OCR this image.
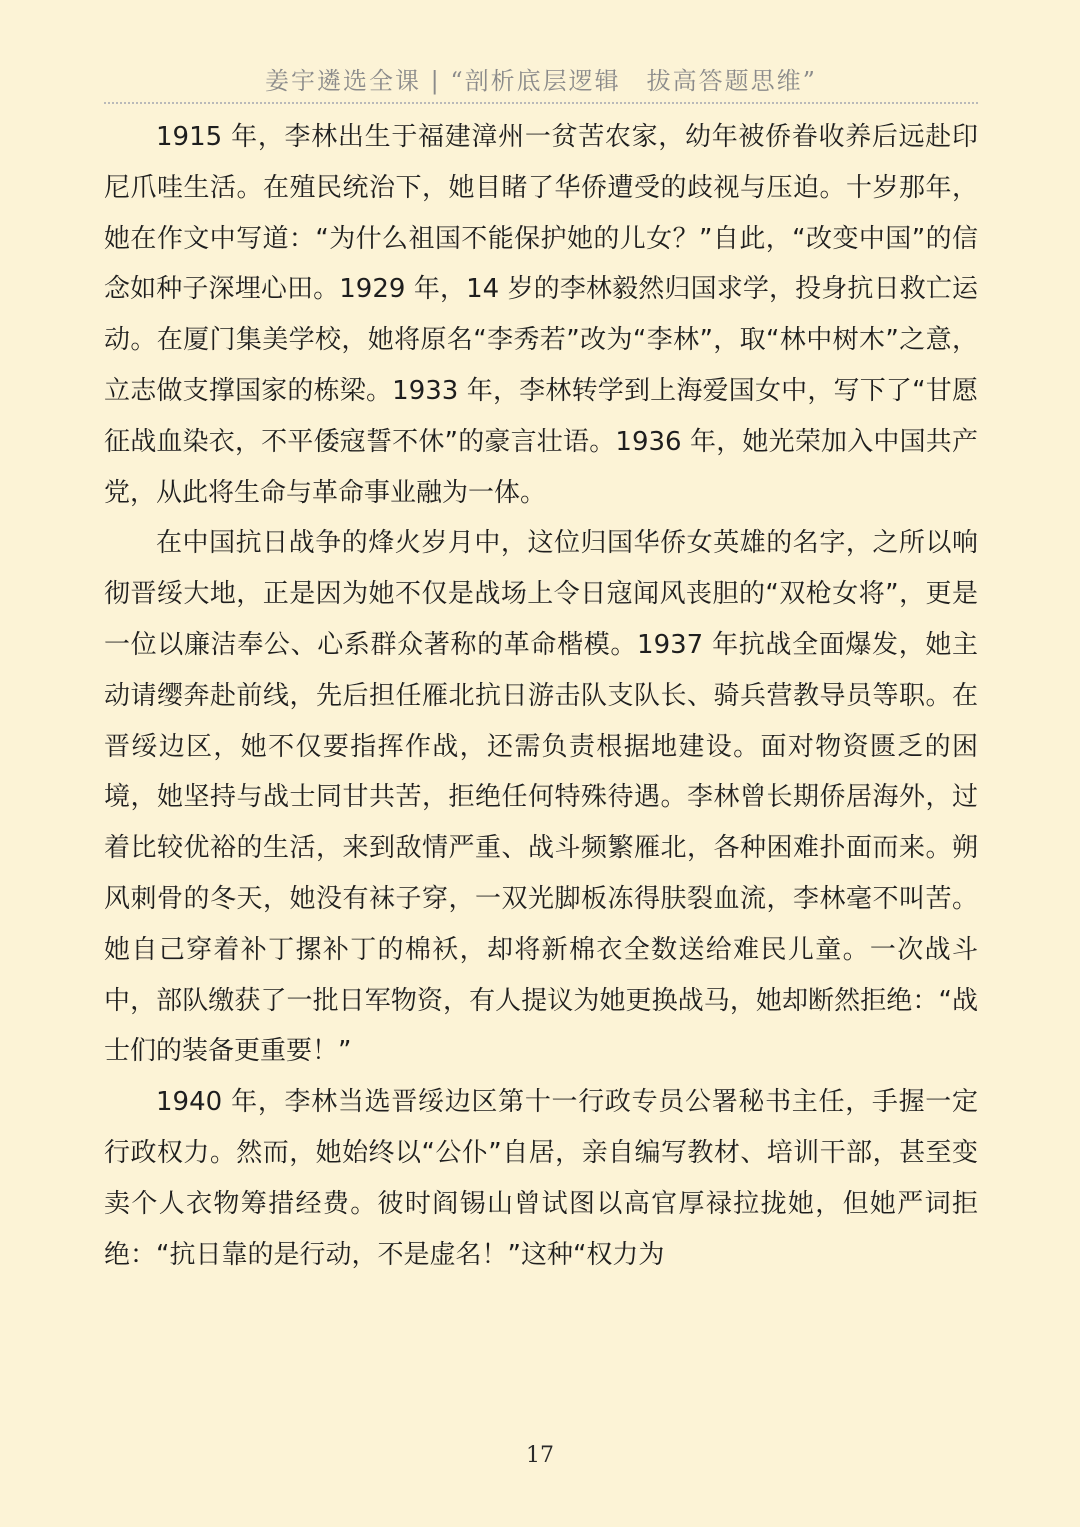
姜宇遴选全课 | “剖析底层逻辑　拔高答题思维”

1915 年，李林出生于福建漳州一贫苦农家，幼年被侨眷收养后远赴印尼爪哇生活。在殖民统治下，她目睹了华侨遭受的歧视与压迫。十岁那年，她在作文中写道：“为什么祖国不能保护她的儿女？”自此，“改变中国”的信念如种子深埋心田。1929 年，14 岁的李林毅然归国求学，投身抗日救亡运动。在厦门集美学校，她将原名“李秀若”改为“李林”，取“林中树木”之意，立志做支撑国家的栋梁。1933 年，李林转学到上海爱国女中，写下了“甘愿征战血染衣，不平倭寇誓不休”的豪言壮语。1936 年，她光荣加入中国共产党，从此将生命与革命事业融为一体。

在中国抗日战争的烽火岁月中，这位归国华侨女英雄的名字，之所以响彻晋绥大地，正是因为她不仅是战场上令日寇闻风丧胆的“双枪女将”，更是一位以廉洁奉公、心系群众著称的革命楷模。1937 年抗战全面爆发，她主动请缨奔赴前线，先后担任雁北抗日游击队支队长、骑兵营教导员等职。在晋绥边区，她不仅要指挥作战，还需负责根据地建设。面对物资匮乏的困境，她坚持与战士同甘共苦，拒绝任何特殊待遇。李林曾长期侨居海外，过着比较优裕的生活，来到敌情严重、战斗频繁雁北，各种困难扑面而来。朔风刺骨的冬天，她没有袜子穿，一双光脚板冻得肤裂血流，李林毫不叫苦。她自己穿着补丁摞补丁的棉袄，却将新棉衣全数送给难民儿童。一次战斗中，部队缴获了一批日军物资，有人提议为她更换战马，她却断然拒绝：“战士们的装备更重要！”

1940 年，李林当选晋绥边区第十一行政专员公署秘书主任，手握一定行政权力。然而，她始终以“公仆”自居，亲自编写教材、培训干部，甚至变卖个人衣物筹措经费。彼时阎锡山曾试图以高官厚禄拉拢她，但她严词拒绝：“抗日靠的是行动，不是虚名！”这种“权力为

17
